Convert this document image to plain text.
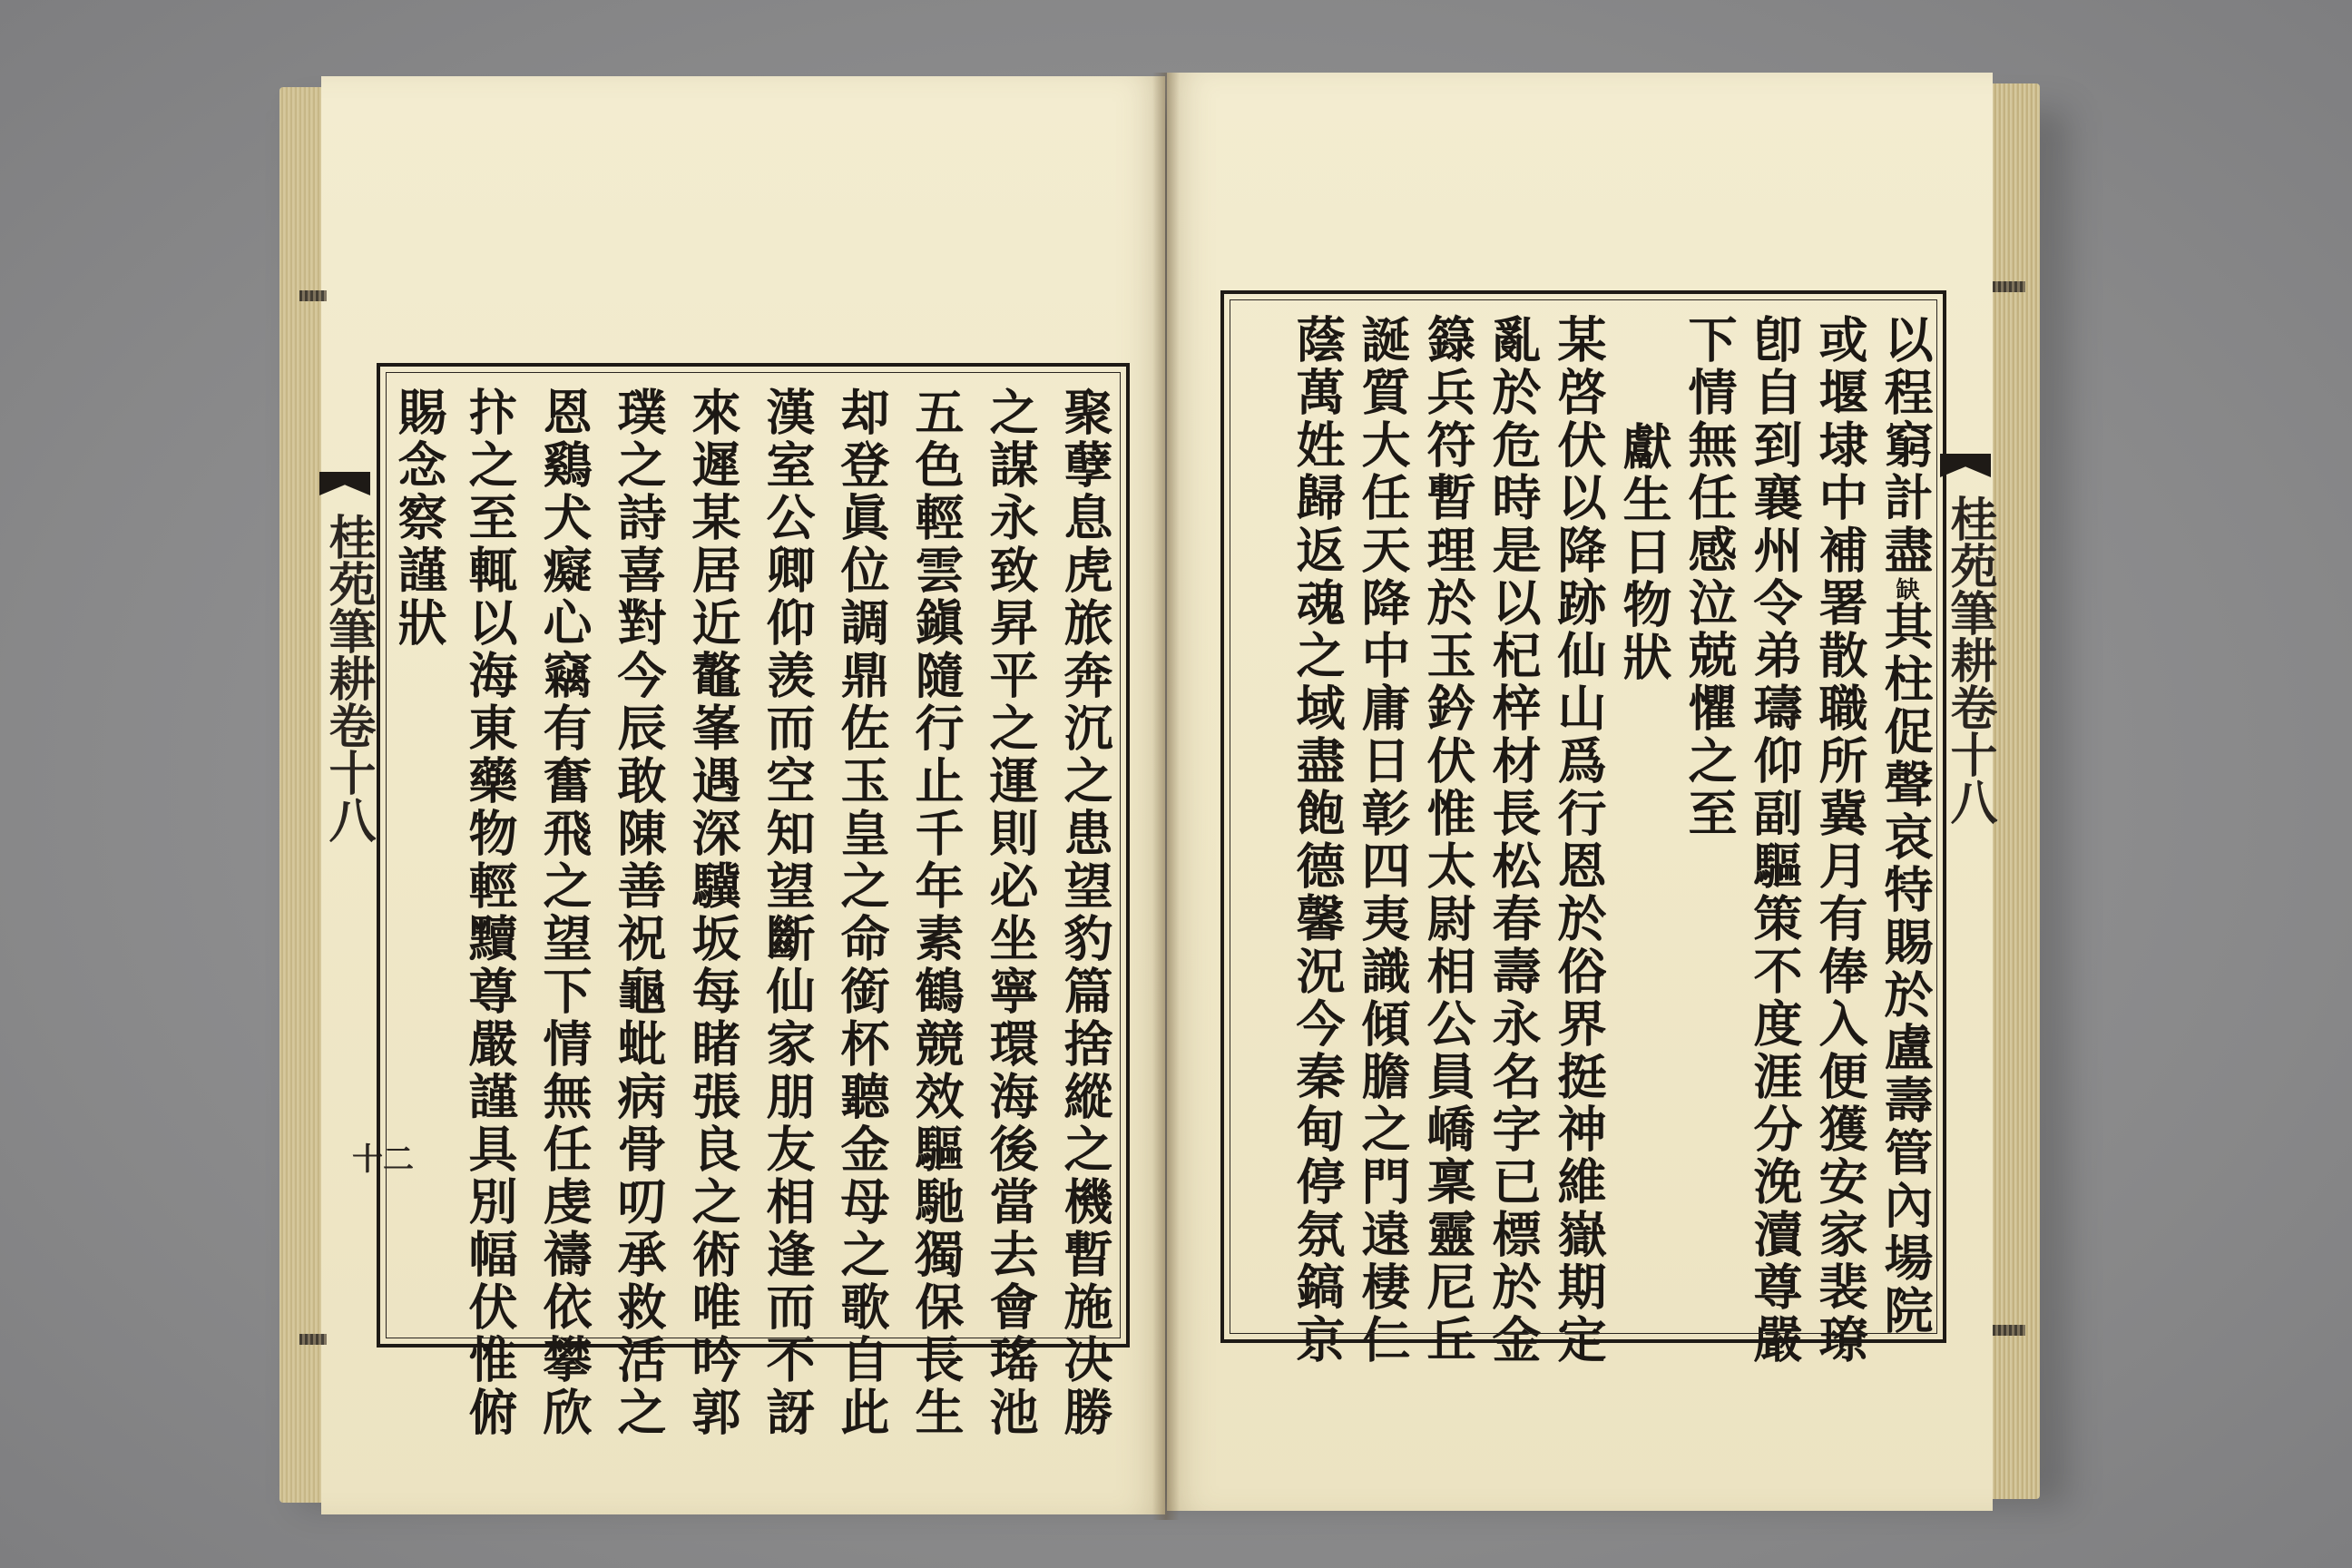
桂苑筆耕卷十八
十二	聚孽息虎旅奔沉之患望豹篇捨縱之機暫施决勝
之謀永致昇平之運則必坐寧環海後當去會瑤池
五色輕雲鎭隨行止千年素鶴競效驅馳獨保長生
却登眞位調鼎佐玉皇之命銜杯聽金母之歌自此
漢室公卿仰羡而空知望斷仙家朋友相逢而不訝
來遲某居近鼇峯遇深驥坂每睹張良之術唯吟郭
璞之詩喜對今辰敢陳善祝龜蚍病骨叨承救活之
恩鷄犬癡心竊有奮飛之望下情無任虔禱依攀欣
抃之至輒以海東藥物輕黷尊嚴謹具別幅伏惟俯
賜念察謹狀	桂苑筆耕卷十八
以程窮計盡缺其柱促聲哀特賜於盧壽管內場院
或堰埭中補署散職所冀月有俸入便獲安家裴璙
卽自到襄州令弟璹仰副驅策不度涯分浼瀆尊嚴
下情無任感泣兢懼之至
獻生日物狀
某啓伏以降跡仙山爲行恩於俗界挺神維嶽期定
亂於危時是以杞梓材長松春壽永名字已標於金
籙兵符暫理於玉鈐伏惟太尉相公員嶠稟靈尼丘
誕質大任天降中庸日彰四夷識傾膽之門遠棲仁
蔭萬姓歸返魂之域盡飽德馨況今秦甸停氛鎬京
